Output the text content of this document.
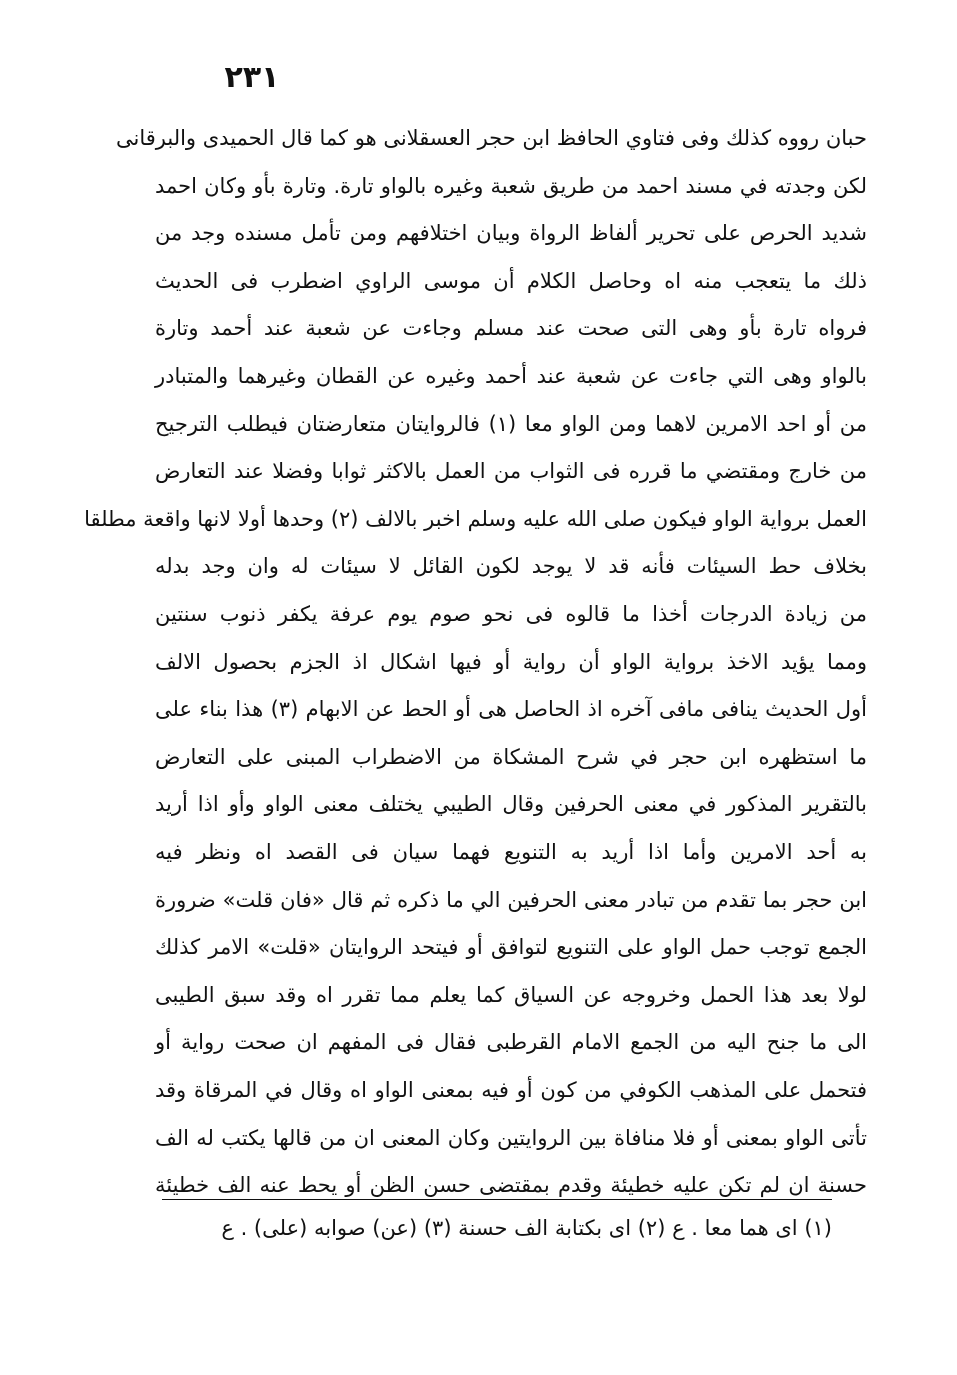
٢٣١
حبان رووه كذلك وفى فتاوي الحافظ ابن حجر العسقلانى هو كما قال الحميدى والبرقانى
لكن وجدته في مسند احمد من طريق شعبة وغيره بالواو تارة. وتارة بأو وكان احمد
شديد الحرص على تحرير ألفاظ الرواة وبيان اختلافهم ومن تأمل مسنده وجد من
ذلك ما يتعجب منه اه وحاصل الكلام أن موسى الراوي اضطرب فى الحديث
فرواه تارة بأو وهى التى صحت عند مسلم وجاءت عن شعبة عند أحمد وتارة
بالواو وهى التي جاءت عن شعبة عند أحمد وغيره عن القطان وغيرهما والمتبادر
من أو احد الامرين لاهما ومن الواو معا (١) فالروايتان متعارضتان فيطلب الترجيح
من خارج ومقتضي ما قرره فى الثواب من العمل بالاكثر ثوابا وفضلا عند التعارض
العمل برواية الواو فيكون صلى الله عليه وسلم اخبر بالالف (٢) وحدها أولا لانها واقعة مطلقا
بخلاف حط السيئات فأنه قد لا يوجد لكون القائل لا سيئات له وان وجد بدله
من زيادة الدرجات أخذا ما قالوه فى نحو صوم يوم عرفة يكفر ذنوب سنتين
ومما يؤيد الاخذ برواية الواو أن رواية أو فيها اشكال اذ الجزم بحصول الالف
أول الحديث ينافى مافى آخره اذ الحاصل هى أو الحط عن الابهام (٣) هذا بناء على
ما استظهره ابن حجر في شرح المشكاة من الاضطراب المبنى على التعارض
بالتقرير المذكور في معنى الحرفين وقال الطيبي يختلف معنى الواو وأو اذا أريد
به أحد الامرين وأما اذا أريد به التنويع فهما سيان فى القصد اه ونظر فيه
ابن حجر بما تقدم من تبادر معنى الحرفين الي ما ذكره ثم قال «فان قلت» ضرورة
الجمع توجب حمل الواو على التنويع لتوافق أو فيتحد الروايتان «قلت» الامر كذلك
لولا بعد هذا الحمل وخروجه عن السياق كما يعلم مما تقرر اه وقد سبق الطيبى
الى ما جنح اليه من الجمع الامام القرطبى فقال فى المفهم ان صحت رواية أو
فتحمل على المذهب الكوفي من كون أو فيه بمعنى الواو اه وقال في المرقاة وقد
تأتى الواو بمعنى أو فلا منافاة بين الروايتين وكان المعنى ان من قالها يكتب له الف
حسنة ان لم تكن عليه خطيئة وقدم بمقتضى حسن الظن أو يحط عنه الف خطيئة
(١) اى هما معا . ع (٢) اى بكتابة الف حسنة (٣) (عن) صوابه (على) . ع
